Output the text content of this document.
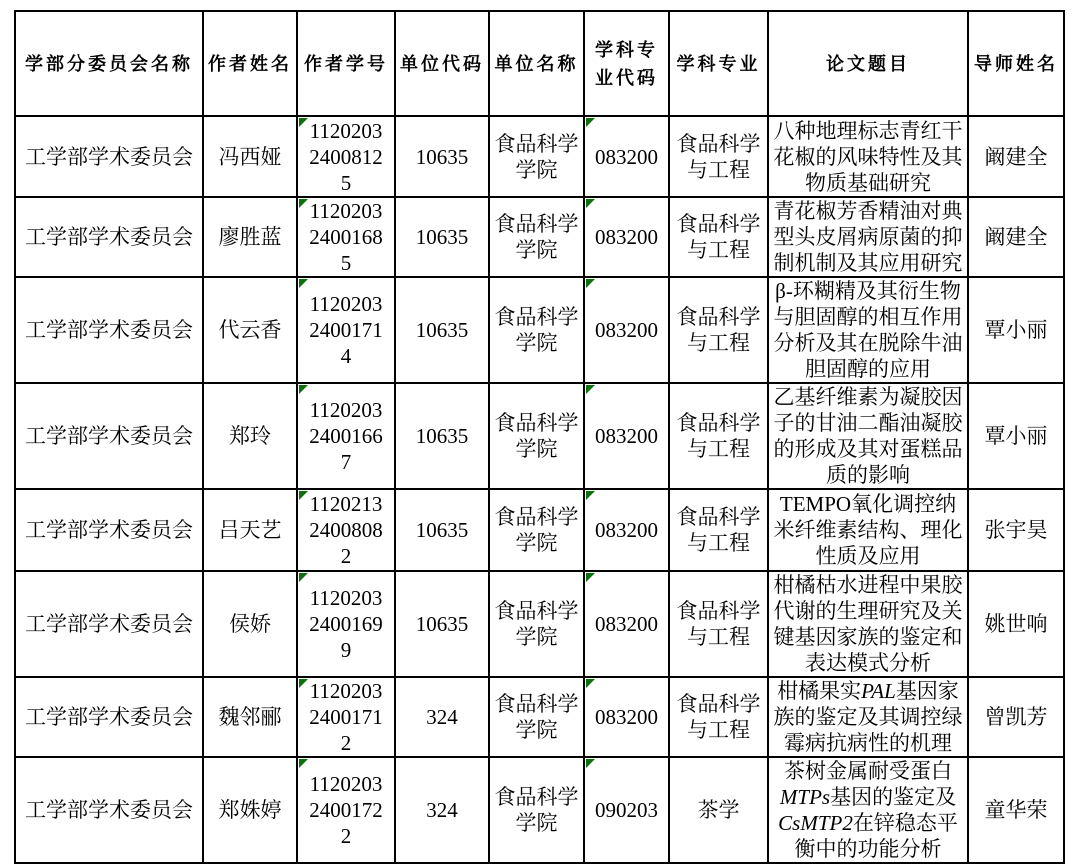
学部分委员会名称	作者姓名	作者学号	单位代码	单位名称	学科专业代码	学科专业	论文题目	导师姓名
工学部学术委员会	冯西娅	112020324008125	10635	食品科学学院	083200	食品科学与工程	八种地理标志青红干花椒的风味特性及其物质基础研究	阚建全
工学部学术委员会	廖胜蓝	112020324001685	10635	食品科学学院	083200	食品科学与工程	青花椒芳香精油对典型头皮屑病原菌的抑制机制及其应用研究	阚建全
工学部学术委员会	代云香	112020324001714	10635	食品科学学院	083200	食品科学与工程	β-环糊精及其衍生物与胆固醇的相互作用分析及其在脱除牛油胆固醇的应用	覃小丽
工学部学术委员会	郑玲	112020324001667	10635	食品科学学院	083200	食品科学与工程	乙基纤维素为凝胶因子的甘油二酯油凝胶的形成及其对蛋糕品质的影响	覃小丽
工学部学术委员会	吕天艺	112021324008082	10635	食品科学学院	083200	食品科学与工程	TEMPO氧化调控纳米纤维素结构、理化性质及应用	张宇昊
工学部学术委员会	侯娇	112020324001699	10635	食品科学学院	083200	食品科学与工程	柑橘枯水进程中果胶代谢的生理研究及关键基因家族的鉴定和表达模式分析	姚世响
工学部学术委员会	魏邻郦	112020324001712	324	食品科学学院	083200	食品科学与工程	柑橘果实PAL基因家族的鉴定及其调控绿霉病抗病性的机理	曾凯芳
工学部学术委员会	郑姝婷	112020324001722	324	食品科学学院	090203	茶学	茶树金属耐受蛋白MTPs基因的鉴定及CsMTP2在锌稳态平衡中的功能分析	童华荣
